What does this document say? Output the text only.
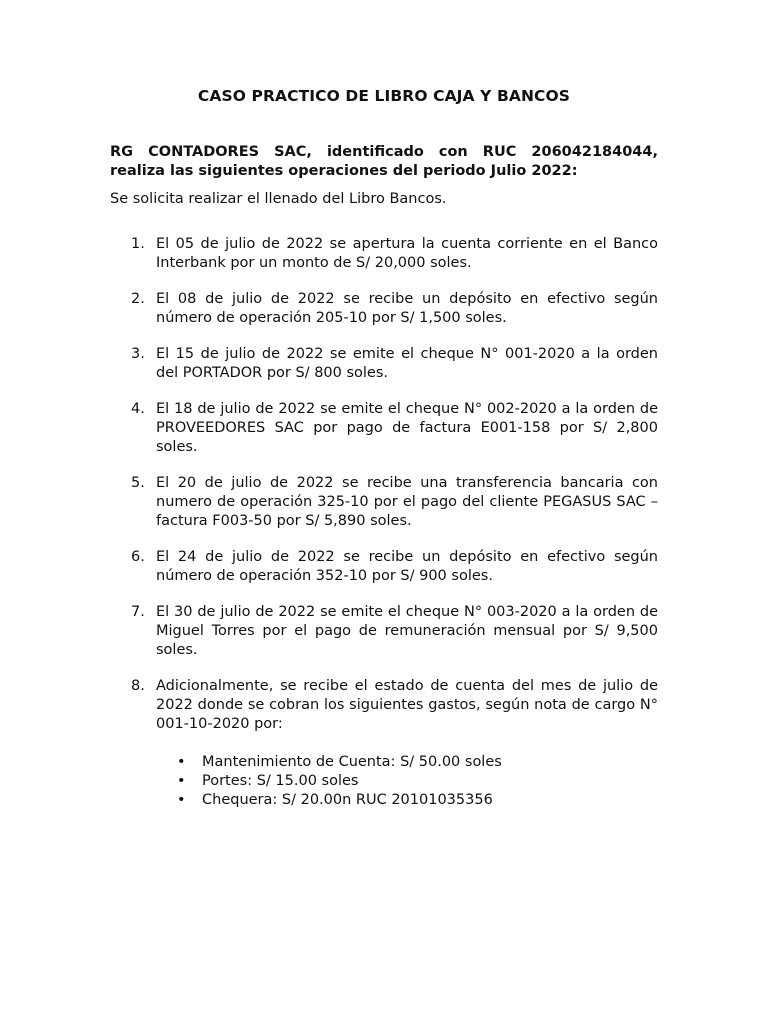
CASO PRACTICO DE LIBRO CAJA Y BANCOS
RG CONTADORES SAC, identificado con RUC 206042184044, realiza las siguientes operaciones del periodo Julio 2022:
Se solicita realizar el llenado del Libro Bancos.
1. El 05 de julio de 2022 se apertura la cuenta corriente en el Banco Interbank por un monto de S/ 20,000 soles.
2. El 08 de julio de 2022 se recibe un depósito en efectivo según número de operación 205-10 por S/ 1,500 soles.
3. El 15 de julio de 2022 se emite el cheque N° 001-2020 a la orden del PORTADOR por S/ 800 soles.
4. El 18 de julio de 2022 se emite el cheque N° 002-2020 a la orden de PROVEEDORES SAC por pago de factura E001-158 por S/ 2,800 soles.
5. El 20 de julio de 2022 se recibe una transferencia bancaria con numero de operación 325-10 por el pago del cliente PEGASUS SAC – factura F003-50 por S/ 5,890 soles.
6. El 24 de julio de 2022 se recibe un depósito en efectivo según número de operación 352-10 por S/ 900 soles.
7. El 30 de julio de 2022 se emite el cheque N° 003-2020 a la orden de Miguel Torres por el pago de remuneración mensual por S/ 9,500 soles.
8. Adicionalmente, se recibe el estado de cuenta del mes de julio de 2022 donde se cobran los siguientes gastos, según nota de cargo N° 001-10-2020 por:
• Mantenimiento de Cuenta: S/ 50.00 soles
• Portes: S/ 15.00 soles
• Chequera: S/ 20.00n RUC 20101035356
